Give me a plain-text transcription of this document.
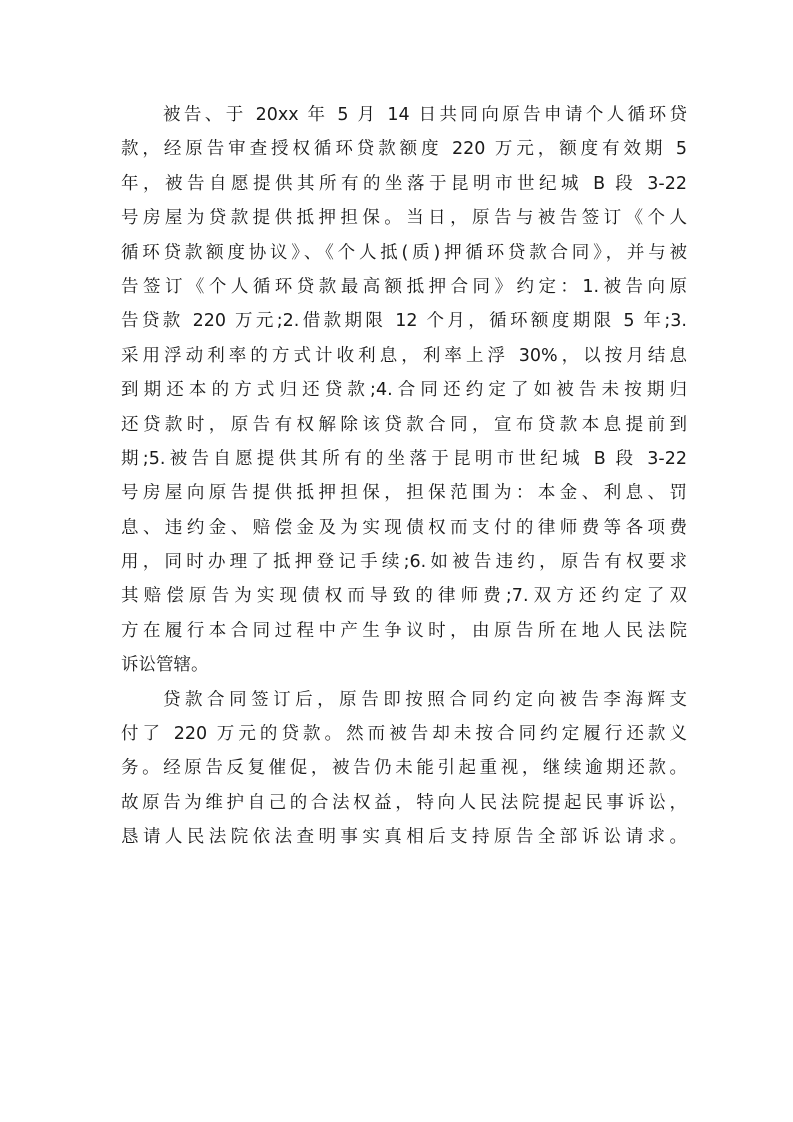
被告、于 20xx 年 5 月 14 日共同向原告申请个人循环贷
款，经原告审查授权循环贷款额度 220 万元，额度有效期 5
年，被告自愿提供其所有的坐落于昆明市世纪城 B 段 3-22
号房屋为贷款提供抵押担保。当日，原告与被告签订《个人
循环贷款额度协议》、《个人抵(质)押循环贷款合同》，并与被
告签订《个人循环贷款最高额抵押合同》约定：1.被告向原
告贷款 220 万元;2.借款期限 12 个月，循环额度期限 5 年;3.
采用浮动利率的方式计收利息，利率上浮 30%，以按月结息
到期还本的方式归还贷款;4.合同还约定了如被告未按期归
还贷款时，原告有权解除该贷款合同，宣布贷款本息提前到
期;5.被告自愿提供其所有的坐落于昆明市世纪城 B 段 3-22
号房屋向原告提供抵押担保，担保范围为：本金、利息、罚
息、违约金、赔偿金及为实现债权而支付的律师费等各项费
用，同时办理了抵押登记手续;6.如被告违约，原告有权要求
其赔偿原告为实现债权而导致的律师费;7.双方还约定了双
方在履行本合同过程中产生争议时，由原告所在地人民法院
诉讼管辖。
贷款合同签订后，原告即按照合同约定向被告李海辉支
付了 220 万元的贷款。然而被告却未按合同约定履行还款义
务。经原告反复催促，被告仍未能引起重视，继续逾期还款。
故原告为维护自己的合法权益，特向人民法院提起民事诉讼，
恳请人民法院依法查明事实真相后支持原告全部诉讼请求。
